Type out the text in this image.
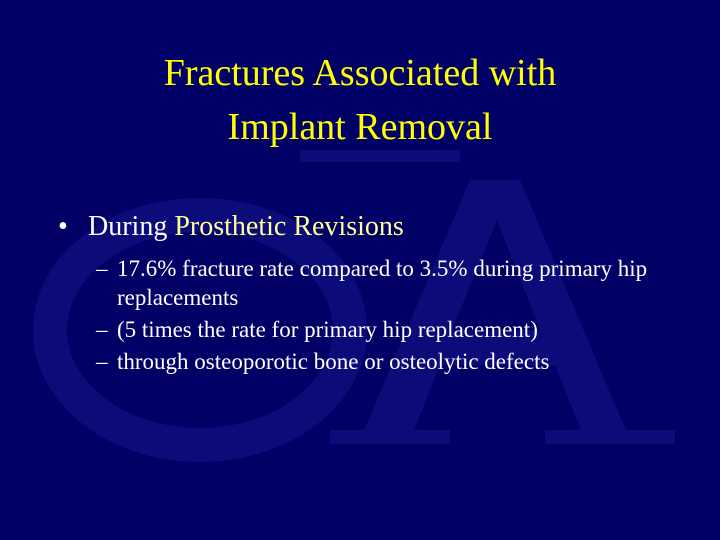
Fractures Associated with
Implant Removal
• During Prosthetic Revisions
– 17.6% fracture rate compared to 3.5% during primary hip replacements
– (5 times the rate for primary hip replacement)
– through osteoporotic bone or osteolytic defects
